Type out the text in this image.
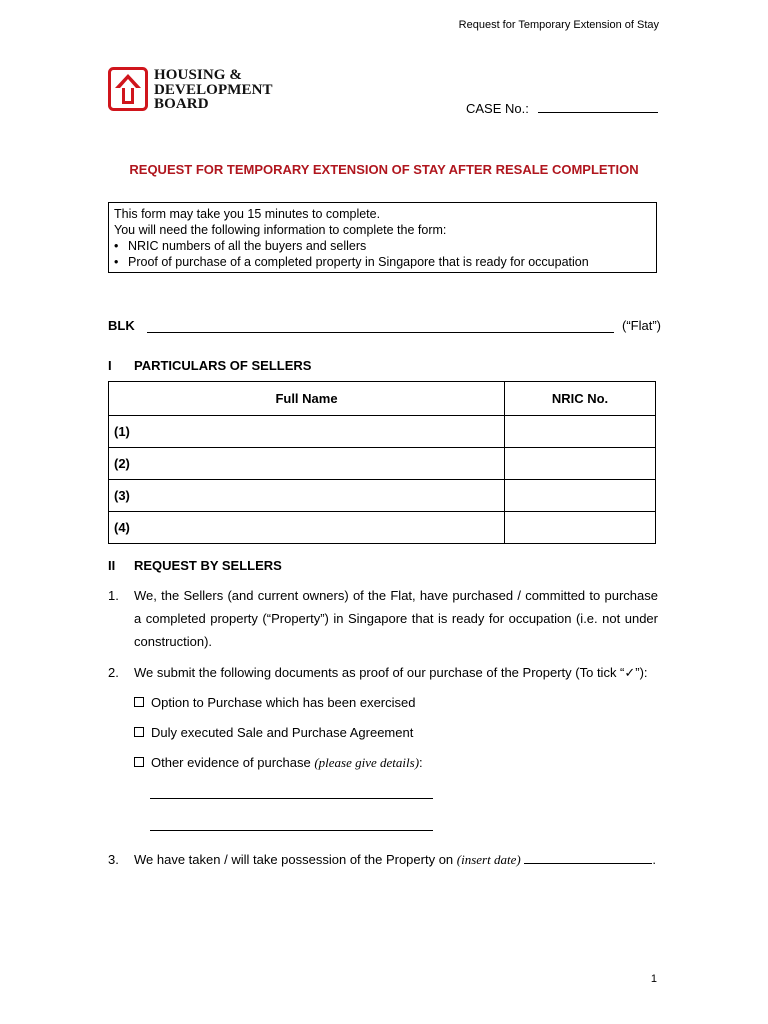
Request for Temporary Extension of Stay
HOUSING &
DEVELOPMENT
BOARD	CASE No.:
REQUEST FOR TEMPORARY EXTENSION OF STAY AFTER RESALE COMPLETION
This form may take you 15 minutes to complete.
You will need the following information to complete the form:
• NRIC numbers of all the buyers and sellers
• Proof of purchase of a completed property in Singapore that is ready for occupation
BLK	(“Flat”)
I PARTICULARS OF SELLERS
Full Name	NRIC No.
(1)	
(2)	
(3)	
(4)	
II REQUEST BY SELLERS
1. We, the Sellers (and current owners) of the Flat, have purchased / committed to purchase a completed property (“Property”) in Singapore that is ready for occupation (i.e. not under construction).
2. We submit the following documents as proof of our purchase of the Property (To tick “✓”):
Option to Purchase which has been exercised
Duly executed Sale and Purchase Agreement
Other evidence of purchase (please give details):
3. We have taken / will take possession of the Property on (insert date)	.
1
